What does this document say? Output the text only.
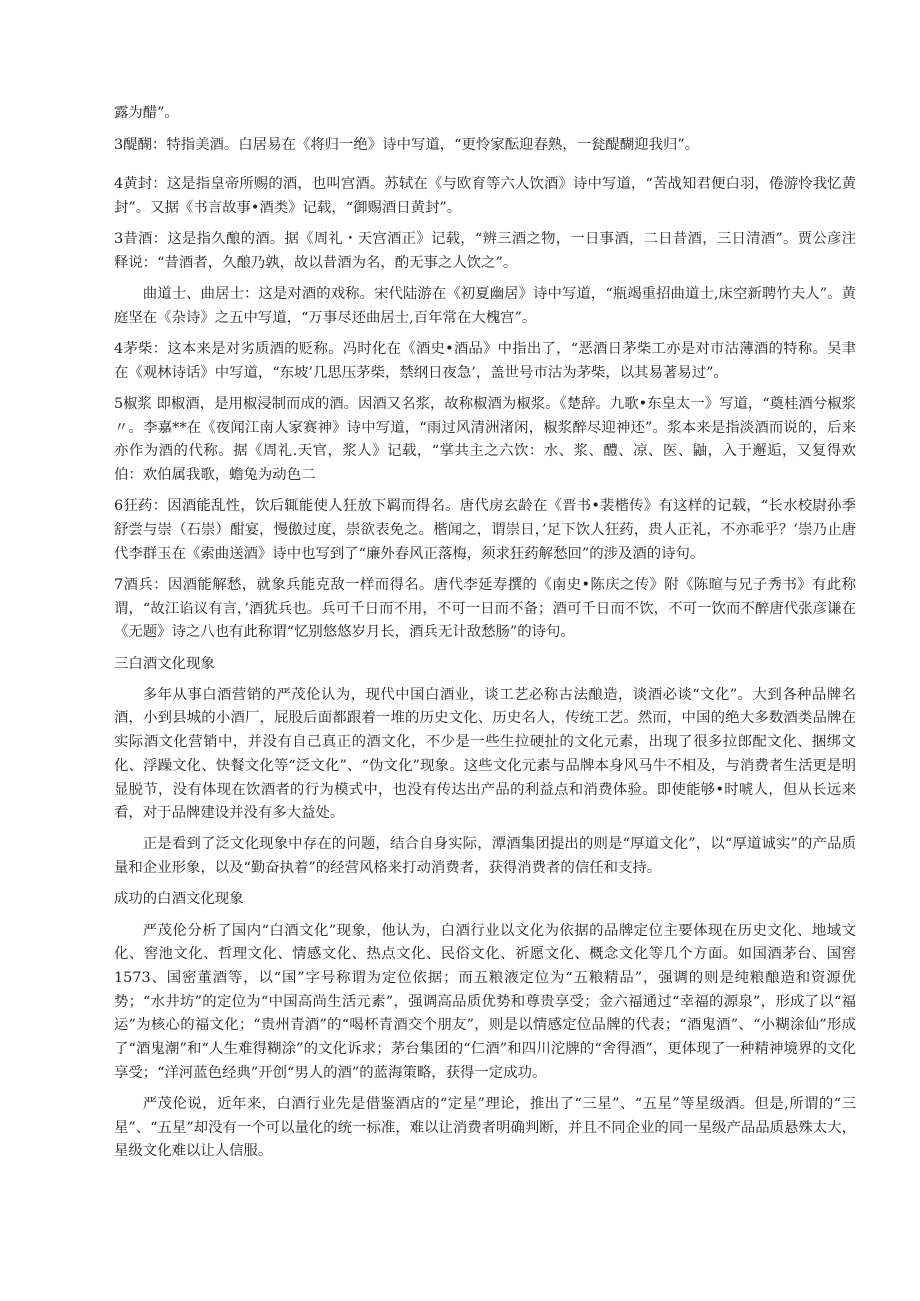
露为醋”。

3醍醐：特指美酒。白居易在《将归一绝》诗中写道，“更怜家酝迎春熟，一瓮醍醐迎我归”。

4黄封：这是指皇帝所赐的酒，也叫宫酒。苏轼在《与欧育等六人饮酒》诗中写道，“苦战知君便白羽，倦游怜我忆黄封”。又据《书言故事•酒类》记载，“御赐酒日黄封”。

3昔酒：这是指久酿的酒。据《周礼・天宫酒正》记载，“辨三酒之物，一日事酒，二日昔酒，三日清酒”。贾公彦注释说：“昔酒者，久酿乃孰，故以昔酒为名，酌无事之人饮之”。

曲道士、曲居士：这是对酒的戏称。宋代陆游在《初夏幽居》诗中写道，“瓶竭重招曲道士,床空新聘竹夫人”。黄庭坚在《杂诗》之五中写道，“万事尽还曲居士,百年常在大槐宫”。

4茅柴：这本来是对劣质酒的贬称。冯时化在《酒史•酒品》中指出了，“恶酒日茅柴工亦是对市沽薄酒的特称。吴聿在《观林诗话》中写道，“东坡’几思压茅柴，禁纲日夜急’，盖世号市沽为茅柴，以其易著易过”。

5椒浆 即椒酒，是用椒浸制而成的酒。因酒又名浆，故称椒酒为椒浆。《楚辞。九歌•东皇太一》写道，“奠桂酒兮椒浆〃。李嘉**在《夜闻江南人家赛神》诗中写道，“雨过风清洲渚闲，椒浆醉尽迎神还”。浆本来是指淡酒而说的，后来亦作为酒的代称。据《周礼.天官，浆人》记载，“掌共主之六饮：水、浆、醴、凉、医、鼬，入于邂逅，又复得欢伯：欢伯属我歌，蟾兔为动色二

6狂药：因酒能乱性，饮后辄能使人狂放下羁而得名。唐代房玄龄在《晋书•裴楷传》有这样的记载，“长水校尉孙季舒尝与崇（石崇）酣宴，慢傲过度，崇欲表免之。楷闻之，谓崇日，’足下饮人狂药，贵人正礼，不亦乖乎？’崇乃止唐代李群玉在《索曲送酒》诗中也写到了“廉外春风正落梅，须求狂药解愁回”的涉及酒的诗句。

7酒兵：因酒能解愁，就象兵能克敌一样而得名。唐代李延寿撰的《南史•陈庆之传》附《陈暄与兄子秀书》有此称谓，“故江谄议有言，’酒犹兵也。兵可千日而不用，不可一日而不备；酒可千日而不饮，不可一饮而不醉唐代张彦谦在《无题》诗之八也有此称谓“忆别悠悠岁月长，酒兵无计敌愁肠”的诗句。

三白酒文化现象

多年从事白酒营销的严茂伦认为，现代中国白酒业，谈工艺必称古法酿造，谈酒必谈“文化”。大到各种品牌名酒，小到县城的小酒厂，屁股后面都跟着一堆的历史文化、历史名人，传统工艺。然而，中国的绝大多数酒类品牌在实际酒文化营销中，并没有自己真正的酒文化，不少是一些生拉硬扯的文化元素，出现了很多拉郎配文化、捆绑文化、浮躁文化、快餐文化等“泛文化”、“伪文化”现象。这些文化元素与品牌本身风马牛不相及，与消费者生活更是明显脱节，没有体现在饮酒者的行为模式中，也没有传达出产品的利益点和消费体验。即使能够•时唬人，但从长远来看，对于品牌建设并没有多大益处。

正是看到了泛文化现象中存在的问题，结合自身实际，潭酒集团提出的则是“厚道文化”，以“厚道诚实”的产品质量和企业形象，以及“勤奋执着”的经营风格来打动消费者，获得消费者的信任和支持。

成功的白酒文化现象

严茂伦分析了国内“白酒文化”现象，他认为，白酒行业以文化为依据的品牌定位主要体现在历史文化、地域文化、窖池文化、哲理文化、情感文化、热点文化、民俗文化、祈愿文化、概念文化等几个方面。如国酒茅台、国窖1573、国密董酒等，以“国”字号称谓为定位依据；而五粮液定位为“五粮精品”，强调的则是纯粮酿造和资源优势；“水井坊”的定位为“中国高尚生活元素”，强调高品质优势和尊贵享受；金六福通过“幸福的源泉”，形成了以“福运”为核心的福文化；“贵州青酒”的“喝杯青酒交个朋友”，则是以情感定位品牌的代表；“酒鬼酒”、“小糊涂仙”形成了“酒鬼潮”和“人生难得糊涂”的文化诉求；茅台集团的“仁酒”和四川沱牌的“舍得酒”，更体现了一种精神境界的文化享受；“洋河蓝色经典”开创“男人的酒”的蓝海策略，获得一定成功。

严茂伦说，近年来，白酒行业先是借鉴酒店的“定星”理论，推出了“三星”、“五星”等星级酒。但是,所谓的“三星”、“五星”却没有一个可以量化的统一标准，难以让消费者明确判断，并且不同企业的同一星级产品品质悬殊太大，星级文化难以让人信服。
